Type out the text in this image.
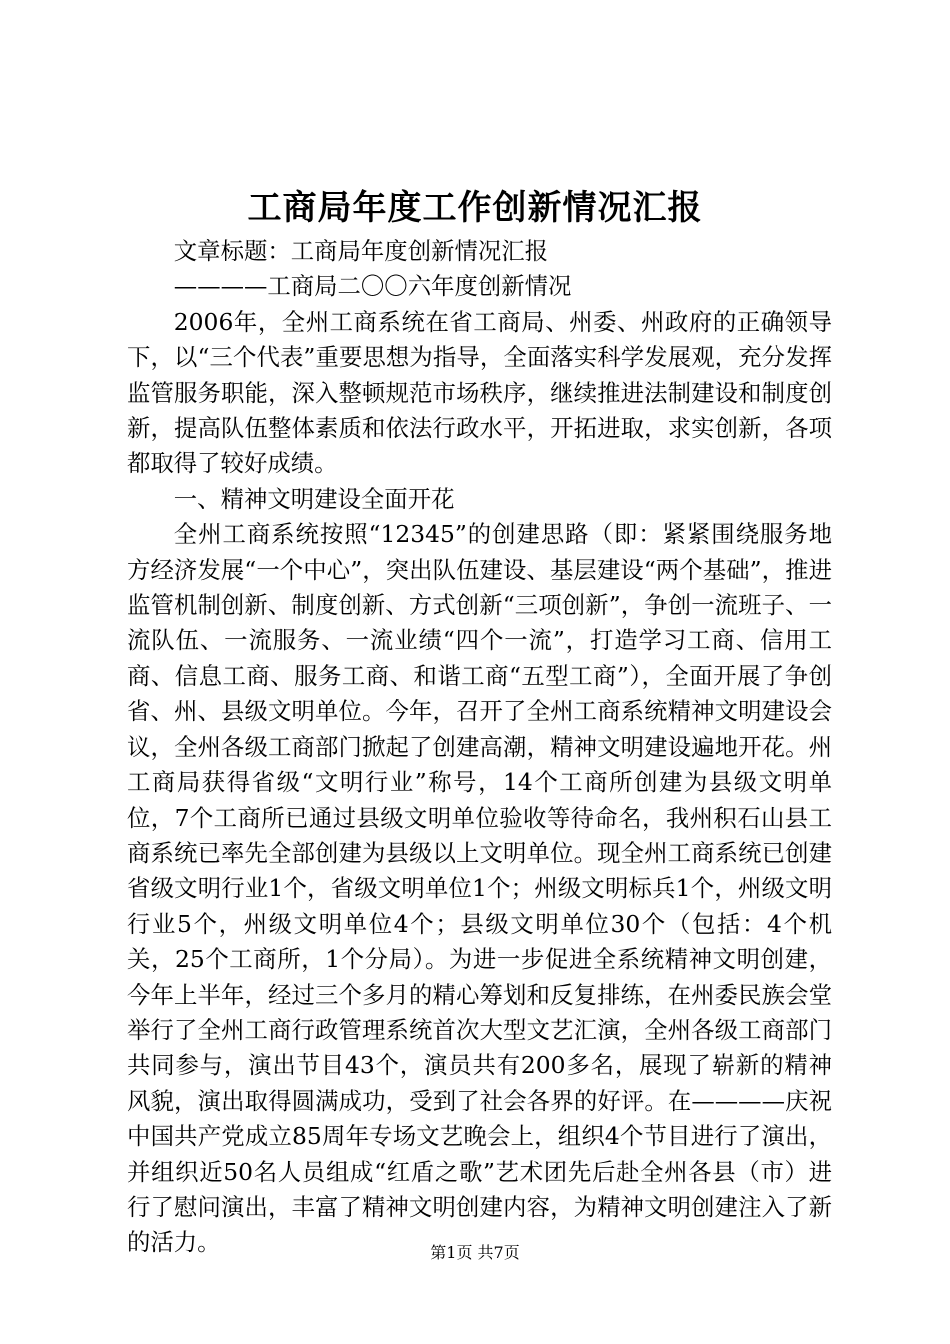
工商局年度工作创新情况汇报

文章标题：工商局年度创新情况汇报

————工商局二〇〇六年度创新情况

2006年，全州工商系统在省工商局、州委、州政府的正确领导下，以“三个代表”重要思想为指导，全面落实科学发展观，充分发挥监管服务职能，深入整顿规范市场秩序，继续推进法制建设和制度创新，提高队伍整体素质和依法行政水平，开拓进取，求实创新，各项都取得了较好成绩。

一、精神文明建设全面开花

全州工商系统按照“12345”的创建思路（即：紧紧围绕服务地方经济发展“一个中心”，突出队伍建设、基层建设“两个基础”，推进监管机制创新、制度创新、方式创新“三项创新”，争创一流班子、一流队伍、一流服务、一流业绩“四个一流”，打造学习工商、信用工商、信息工商、服务工商、和谐工商“五型工商”），全面开展了争创省、州、县级文明单位。今年，召开了全州工商系统精神文明建设会议，全州各级工商部门掀起了创建高潮，精神文明建设遍地开花。州工商局获得省级“文明行业”称号，14个工商所创建为县级文明单位，7个工商所已通过县级文明单位验收等待命名，我州积石山县工商系统已率先全部创建为县级以上文明单位。现全州工商系统已创建省级文明行业1个，省级文明单位1个；州级文明标兵1个，州级文明行业5个，州级文明单位4个；县级文明单位30个（包括：4个机关，25个工商所，1个分局）。为进一步促进全系统精神文明创建，今年上半年，经过三个多月的精心筹划和反复排练，在州委民族会堂举行了全州工商行政管理系统首次大型文艺汇演，全州各级工商部门共同参与，演出节目43个，演员共有200多名，展现了崭新的精神风貌，演出取得圆满成功，受到了社会各界的好评。在————庆祝中国共产党成立85周年专场文艺晚会上，组织4个节目进行了演出，并组织近50名人员组成“红盾之歌”艺术团先后赴全州各县（市）进行了慰问演出，丰富了精神文明创建内容，为精神文明创建注入了新的活力。	第1页 共7页
